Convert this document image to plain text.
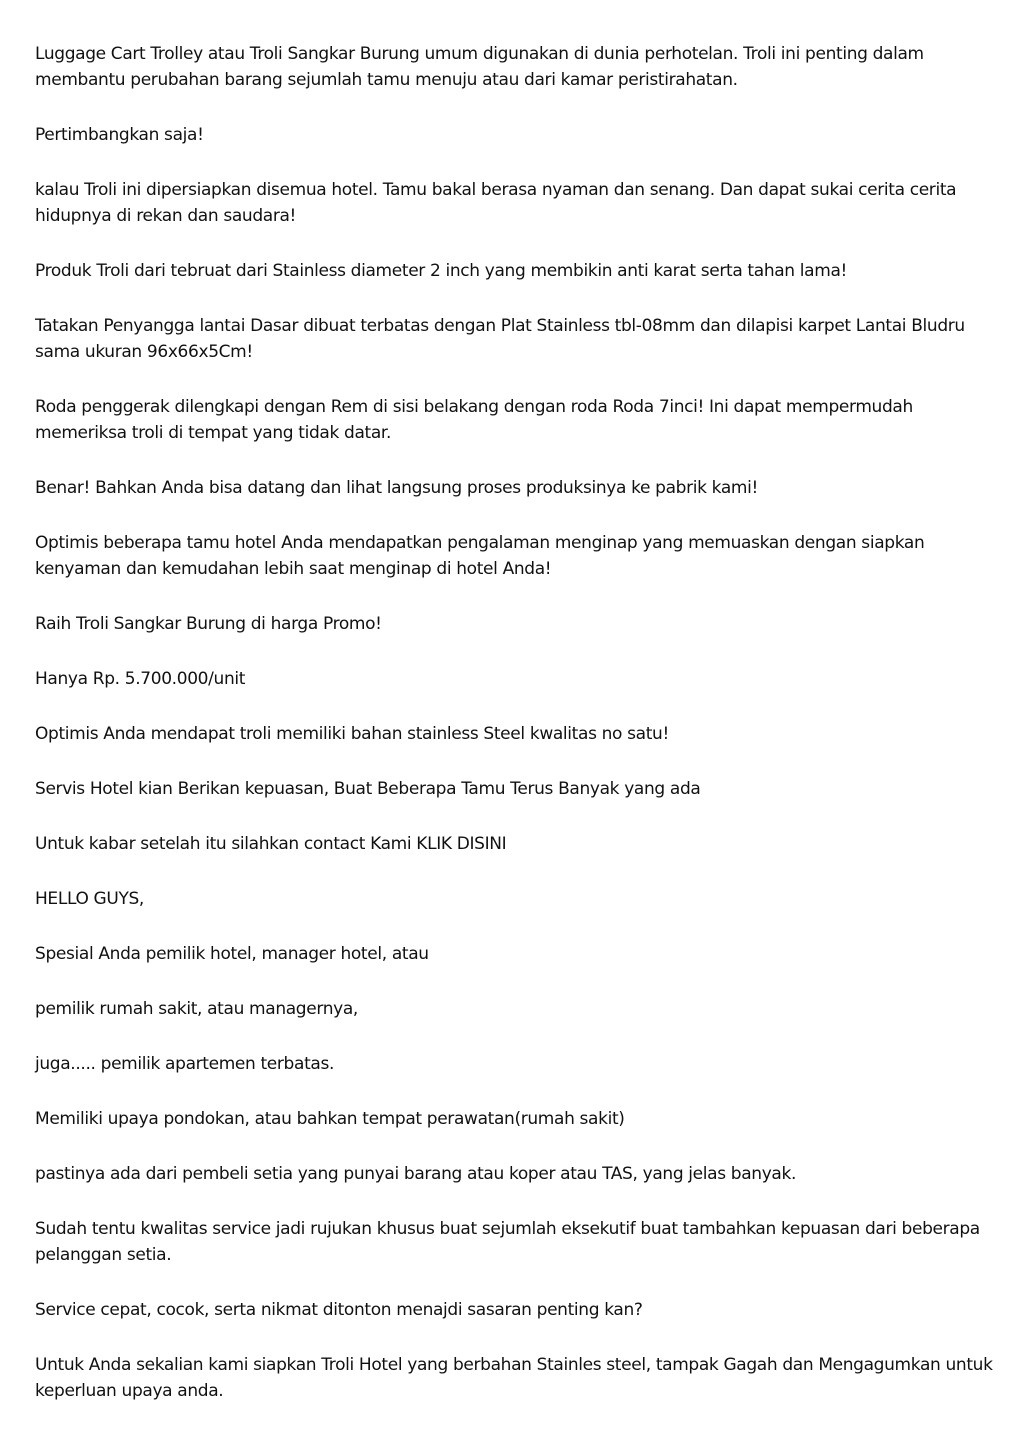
Luggage Cart Trolley atau Troli Sangkar Burung umum digunakan di dunia perhotelan. Troli ini penting dalam membantu perubahan barang sejumlah tamu menuju atau dari kamar peristirahatan.

Pertimbangkan saja!

kalau Troli ini dipersiapkan disemua hotel. Tamu bakal berasa nyaman dan senang. Dan dapat sukai cerita cerita hidupnya di rekan dan saudara!

Produk Troli dari tebruat dari Stainless diameter 2 inch yang membikin anti karat serta tahan lama!

Tatakan Penyangga lantai Dasar dibuat terbatas dengan Plat Stainless tbl-08mm dan dilapisi karpet Lantai Bludru sama ukuran 96x66x5Cm!

Roda penggerak dilengkapi dengan Rem di sisi belakang dengan roda Roda 7inci! Ini dapat mempermudah memeriksa troli di tempat yang tidak datar.

Benar! Bahkan Anda bisa datang dan lihat langsung proses produksinya ke pabrik kami!

Optimis beberapa tamu hotel Anda mendapatkan pengalaman menginap yang memuaskan dengan siapkan kenyaman dan kemudahan lebih saat menginap di hotel Anda!

Raih Troli Sangkar Burung di harga Promo!

Hanya Rp. 5.700.000/unit

Optimis Anda mendapat troli memiliki bahan stainless Steel kwalitas no satu!

Servis Hotel kian Berikan kepuasan, Buat Beberapa Tamu Terus Banyak yang ada

Untuk kabar setelah itu silahkan contact Kami KLIK DISINI

HELLO GUYS,

Spesial Anda pemilik hotel, manager hotel, atau

pemilik rumah sakit, atau managernya,

juga..... pemilik apartemen terbatas.

Memiliki upaya pondokan, atau bahkan tempat perawatan(rumah sakit)

pastinya ada dari pembeli setia yang punyai barang atau koper atau TAS, yang jelas banyak.

Sudah tentu kwalitas service jadi rujukan khusus buat sejumlah eksekutif buat tambahkan kepuasan dari beberapa pelanggan setia.

Service cepat, cocok, serta nikmat ditonton menajdi sasaran penting kan?

Untuk Anda sekalian kami siapkan Troli Hotel yang berbahan Stainles steel, tampak Gagah dan Mengagumkan untuk keperluan upaya anda.
